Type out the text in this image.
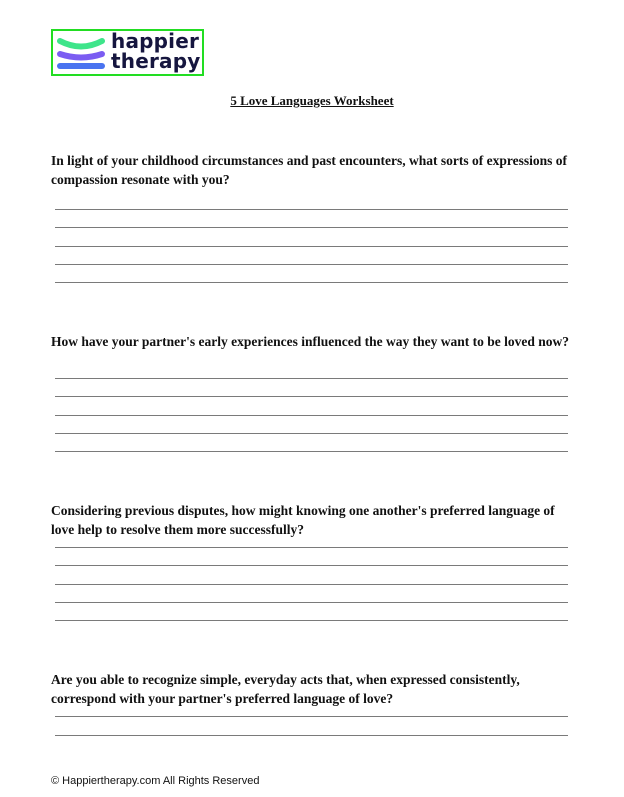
happier
therapy
5 Love Languages Worksheet
In light of your childhood circumstances and past encounters, what sorts of expressions of compassion resonate with you?
How have your partner's early experiences influenced the way they want to be loved now?
Considering previous disputes, how might knowing one another's preferred language of love help to resolve them more successfully?
Are you able to recognize simple, everyday acts that, when expressed consistently, correspond with your partner's preferred language of love?
© Happiertherapy.com All Rights Reserved
